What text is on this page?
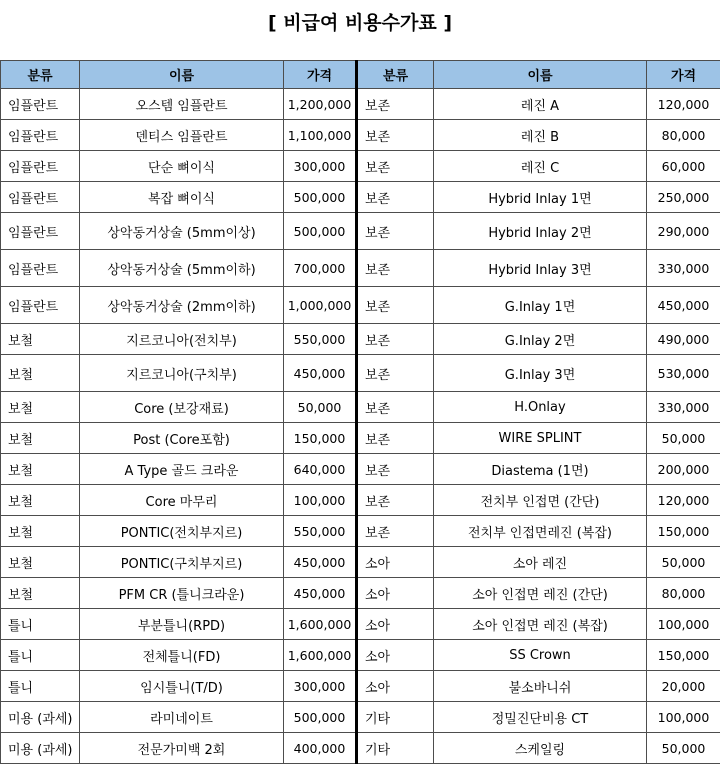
[ 비급여 비용수가표 ]
분류	이름	가격	분류	이름	가격
임플란트	오스템 임플란트	1,200,000	보존	레진 A	120,000
임플란트	덴티스 임플란트	1,100,000	보존	레진 B	80,000
임플란트	단순 뼈이식	300,000	보존	레진 C	60,000
임플란트	복잡 뼈이식	500,000	보존	Hybrid Inlay 1면	250,000
임플란트	상악동거상술 (5mm이상)	500,000	보존	Hybrid Inlay 2면	290,000
임플란트	상악동거상술 (5mm이하)	700,000	보존	Hybrid Inlay 3면	330,000
임플란트	상악동거상술 (2mm이하)	1,000,000	보존	G.Inlay 1면	450,000
보철	지르코니아(전치부)	550,000	보존	G.Inlay 2면	490,000
보철	지르코니아(구치부)	450,000	보존	G.Inlay 3면	530,000
보철	Core (보강재료)	50,000	보존	H.Onlay	330,000
보철	Post (Core포함)	150,000	보존	WIRE SPLINT	50,000
보철	A Type 골드 크라운	640,000	보존	Diastema (1면)	200,000
보철	Core 마무리	100,000	보존	전치부 인접면 (간단)	120,000
보철	PONTIC(전치부지르)	550,000	보존	전치부 인접면레진 (복잡)	150,000
보철	PONTIC(구치부지르)	450,000	소아	소아 레진	50,000
보철	PFM CR (틀니크라운)	450,000	소아	소아 인접면 레진 (간단)	80,000
틀니	부분틀니(RPD)	1,600,000	소아	소아 인접면 레진 (복잡)	100,000
틀니	전체틀니(FD)	1,600,000	소아	SS Crown	150,000
틀니	임시틀니(T/D)	300,000	소아	불소바니쉬	20,000
미용 (과세)	라미네이트	500,000	기타	정밀진단비용 CT	100,000
미용 (과세)	전문가미백 2회	400,000	기타	스케일링	50,000
